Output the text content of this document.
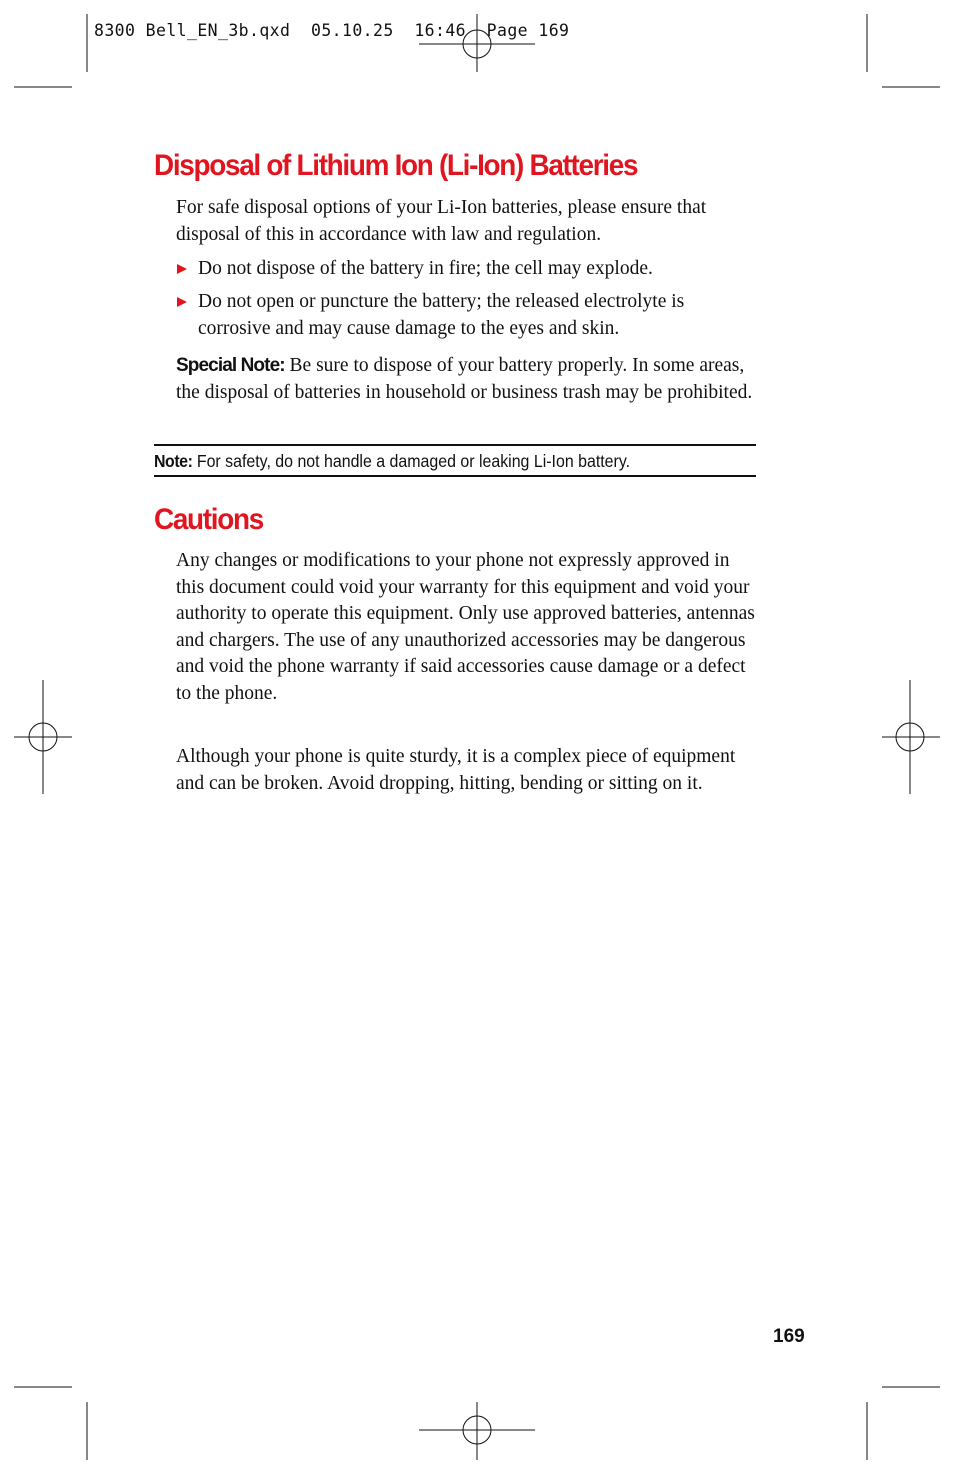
8300 Bell_EN_3b.qxd  05.10.25  16:46  Page 169
Disposal of Lithium Ion (Li-Ion) Batteries

For safe disposal options of your Li-Ion batteries, please ensure that disposal of this in accordance with law and regulation.

Do not dispose of the battery in fire; the cell may explode.
Do not open or puncture the battery; the released electrolyte is corrosive and may cause damage to the eyes and skin.

Special Note: Be sure to dispose of your battery properly. In some areas, the disposal of batteries in household or business trash may be prohibited.

Note: For safety, do not handle a damaged or leaking Li-Ion battery.
Cautions

Any changes or modifications to your phone not expressly approved in this document could void your warranty for this equipment and void your authority to operate this equipment. Only use approved batteries, antennas and chargers. The use of any unauthorized accessories may be dangerous and void the phone warranty if said accessories cause damage or a defect to the phone.

Although your phone is quite sturdy, it is a complex piece of equipment and can be broken. Avoid dropping, hitting, bending or sitting on it.

169
